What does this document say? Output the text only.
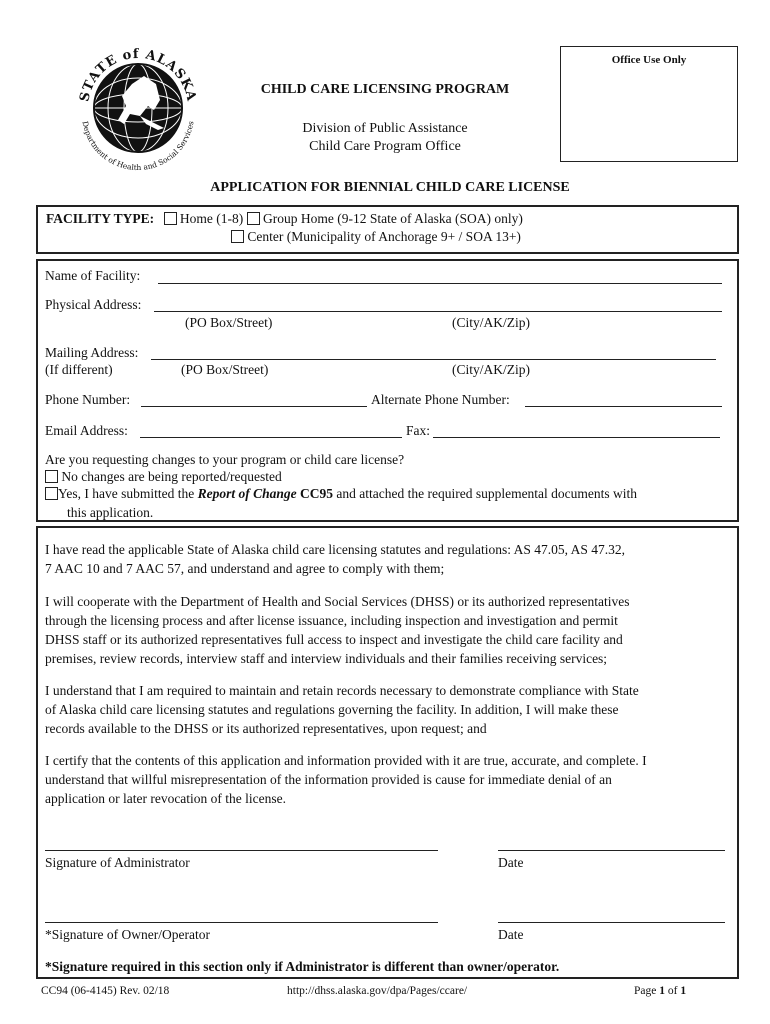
STATE of ALASKA
Department of Health and Social Services
Office Use Only
CHILD CARE LICENSING PROGRAM
Division of Public Assistance
Child Care Program Office
APPLICATION FOR BIENNIAL CHILD CARE LICENSE
FACILITY TYPE: Home (1-8) Group Home (9-12 State of Alaska (SOA) only)
Center (Municipality of Anchorage 9+ / SOA 13+)
Name of Facility:
Physical Address:
(PO Box/Street)	(City/AK/Zip)
Mailing Address:
(If different)	(PO Box/Street)	(City/AK/Zip)
Phone Number:	Alternate Phone Number:
Email Address:	Fax:
Are you requesting changes to your program or child care license?
No changes are being reported/requested
Yes, I have submitted the Report of Change CC95 and attached the required supplemental documents with
this application.
I have read the applicable State of Alaska child care licensing statutes and regulations: AS 47.05, AS 47.32,
7 AAC 10 and 7 AAC 57, and understand and agree to comply with them;
I will cooperate with the Department of Health and Social Services (DHSS) or its authorized representatives
through the licensing process and after license issuance, including inspection and investigation and permit
DHSS staff or its authorized representatives full access to inspect and investigate the child care facility and
premises, review records, interview staff and interview individuals and their families receiving services;
I understand that I am required to maintain and retain records necessary to demonstrate compliance with State
of Alaska child care licensing statutes and regulations governing the facility. In addition, I will make these
records available to the DHSS or its authorized representatives, upon request; and
I certify that the contents of this application and information provided with it are true, accurate, and complete. I
understand that willful misrepresentation of the information provided is cause for immediate denial of an
application or later revocation of the license.
Signature of Administrator	Date
*Signature of Owner/Operator	Date
*Signature required in this section only if Administrator is different than owner/operator.
CC94 (06-4145) Rev. 02/18	http://dhss.alaska.gov/dpa/Pages/ccare/	Page 1 of 1
